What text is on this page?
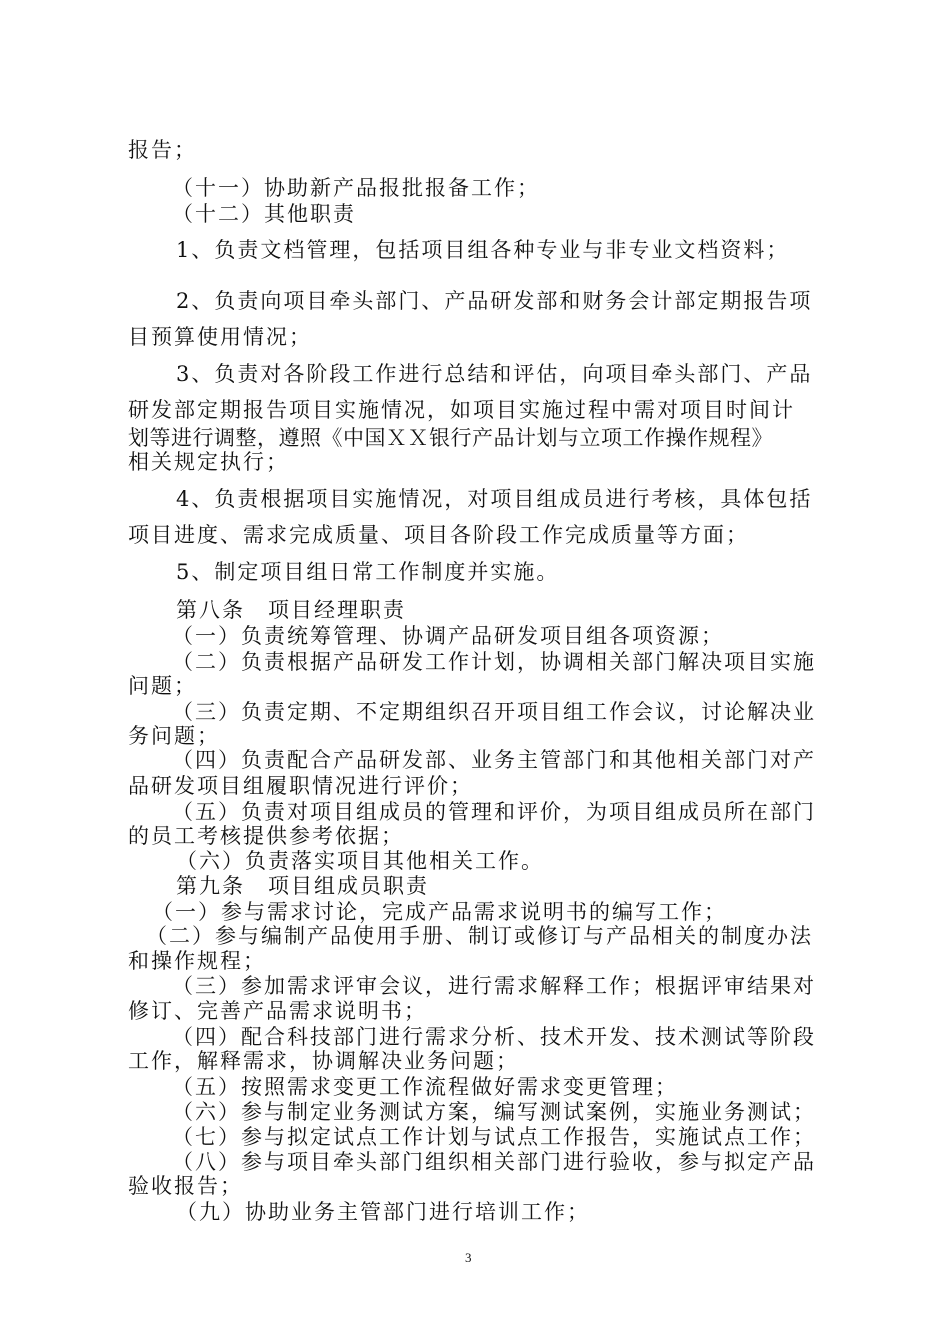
报告；
（十一）协助新产品报批报备工作；
（十二）其他职责
1、负责文档管理，包括项目组各种专业与非专业文档资料；
2、负责向项目牵头部门、产品研发部和财务会计部定期报告项
目预算使用情况；
3、负责对各阶段工作进行总结和评估，向项目牵头部门、产品
研发部定期报告项目实施情况，如项目实施过程中需对项目时间计
划等进行调整，遵照《中国ＸＸ银行产品计划与立项工作操作规程》
相关规定执行；
4、负责根据项目实施情况，对项目组成员进行考核，具体包括
项目进度、需求完成质量、项目各阶段工作完成质量等方面；
5、制定项目组日常工作制度并实施。
第八条　项目经理职责
（一）负责统筹管理、协调产品研发项目组各项资源；
（二）负责根据产品研发工作计划，协调相关部门解决项目实施
问题；
（三）负责定期、不定期组织召开项目组工作会议，讨论解决业
务问题；
（四）负责配合产品研发部、业务主管部门和其他相关部门对产
品研发项目组履职情况进行评价；
（五）负责对项目组成员的管理和评价，为项目组成员所在部门
的员工考核提供参考依据；
（六）负责落实项目其他相关工作。
第九条　项目组成员职责
（一）参与需求讨论，完成产品需求说明书的编写工作；
（二）参与编制产品使用手册、制订或修订与产品相关的制度办法
和操作规程；
（三）参加需求评审会议，进行需求解释工作；根据评审结果对
修订、完善产品需求说明书；
（四）配合科技部门进行需求分析、技术开发、技术测试等阶段
工作，解释需求，协调解决业务问题；
（五）按照需求变更工作流程做好需求变更管理；
（六）参与制定业务测试方案，编写测试案例，实施业务测试；
（七）参与拟定试点工作计划与试点工作报告，实施试点工作；
（八）参与项目牵头部门组织相关部门进行验收，参与拟定产品
验收报告；
（九）协助业务主管部门进行培训工作；
3
